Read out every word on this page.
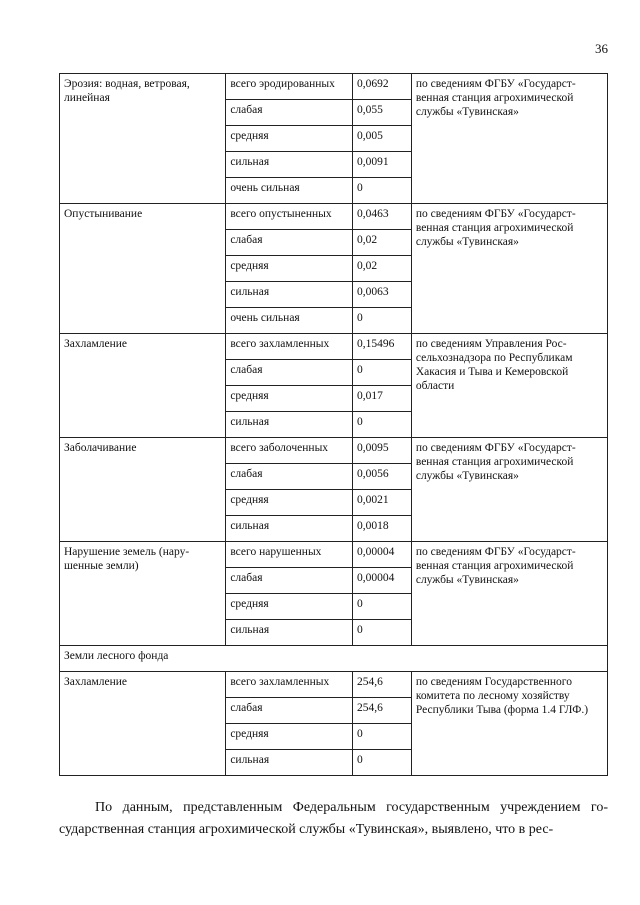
36
Эрозия: водная, ветровая, линейная	всего эродированных	0,0692	по сведениям ФГБУ «Государст-венная станция агрохимической службы «Тувинская»
	слабая	0,055	
	средняя	0,005	
	сильная	0,0091	
	очень сильная	0	
Опустынивание	всего опустыненных	0,0463	по сведениям ФГБУ «Государст-венная станция агрохимической службы «Тувинская»
	слабая	0,02	
	средняя	0,02	
	сильная	0,0063	
	очень сильная	0	
Захламление	всего захламленных	0,15496	по сведениям Управления Рос-сельхознадзора по Республикам Хакасия и Тыва и Кемеровской области
	слабая	0	
	средняя	0,017	
	сильная	0	
Заболачивание	всего заболоченных	0,0095	по сведениям ФГБУ «Государст-венная станция агрохимической службы «Тувинская»
	слабая	0,0056	
	средняя	0,0021	
	сильная	0,0018	
Нарушение земель (нару-шенные земли)	всего нарушенных	0,00004	по сведениям ФГБУ «Государст-венная станция агрохимической службы «Тувинская»
	слабая	0,00004	
	средняя	0	
	сильная	0	
Земли лесного фонда			
Захламление	всего захламленных	254,6	по сведениям Государственного комитета по лесному хозяйству Республики Тыва (форма 1.4 ГЛФ.)
	слабая	254,6	
	средняя	0	
	сильная	0	
По данным, представленным Федеральным государственным учреждением го-сударственная станция агрохимической службы «Тувинская», выявлено, что в рес-
